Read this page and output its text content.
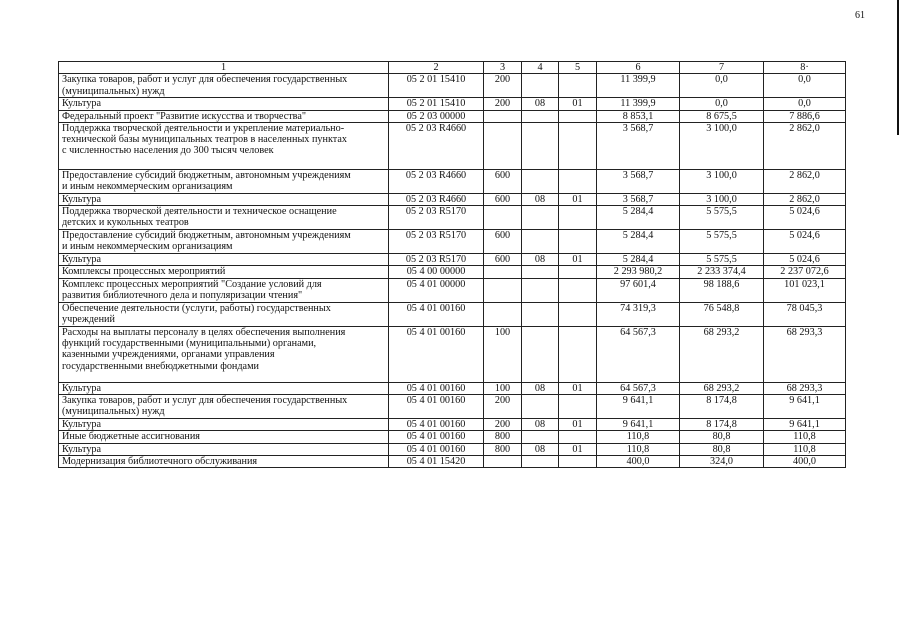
61
1	2	3	4	5	6	7	8·
Закупка товаров, работ и услуг для обеспечения государственных
(муниципальных) нужд	05 2 01 15410	200			11 399,9	0,0	0,0
Культура	05 2 01 15410	200	08	01	11 399,9	0,0	0,0
Федеральный проект "Развитие искусства и творчества"	05 2 03 00000				8 853,1	8 675,5	7 886,6
Поддержка творческой деятельности и укрепление материально-
технической базы муниципальных театров в населенных пунктах
с численностью населения до 300 тысяч человек	05 2 03 R4660				3 568,7	3 100,0	2 862,0
Предоставление субсидий бюджетным, автономным учреждениям
и иным некоммерческим организациям	05 2 03 R4660	600			3 568,7	3 100,0	2 862,0
Культура	05 2 03 R4660	600	08	01	3 568,7	3 100,0	2 862,0
Поддержка творческой деятельности и техническое оснащение
детских и кукольных театров	05 2 03 R5170				5 284,4	5 575,5	5 024,6
Предоставление субсидий бюджетным, автономным учреждениям
и иным некоммерческим организациям	05 2 03 R5170	600			5 284,4	5 575,5	5 024,6
Культура	05 2 03 R5170	600	08	01	5 284,4	5 575,5	5 024,6
Комплексы процессных мероприятий	05 4 00 00000				2 293 980,2	2 233 374,4	2 237 072,6
Комплекс процессных мероприятий "Создание условий для
развития библиотечного дела и популяризации чтения"	05 4 01 00000				97 601,4	98 188,6	101 023,1
Обеспечение деятельности (услуги, работы) государственных
учреждений	05 4 01 00160				74 319,3	76 548,8	78 045,3
Расходы на выплаты персоналу в целях обеспечения выполнения
функций государственными (муниципальными) органами,
казенными учреждениями, органами управления
государственными внебюджетными фондами	05 4 01 00160	100			64 567,3	68 293,2	68 293,3
Культура	05 4 01 00160	100	08	01	64 567,3	68 293,2	68 293,3
Закупка товаров, работ и услуг для обеспечения государственных
(муниципальных) нужд	05 4 01 00160	200			9 641,1	8 174,8	9 641,1
Культура	05 4 01 00160	200	08	01	9 641,1	8 174,8	9 641,1
Иные бюджетные ассигнования	05 4 01 00160	800			110,8	80,8	110,8
Культура	05 4 01 00160	800	08	01	110,8	80,8	110,8
Модернизация библиотечного обслуживания	05 4 01 15420				400,0	324,0	400,0
